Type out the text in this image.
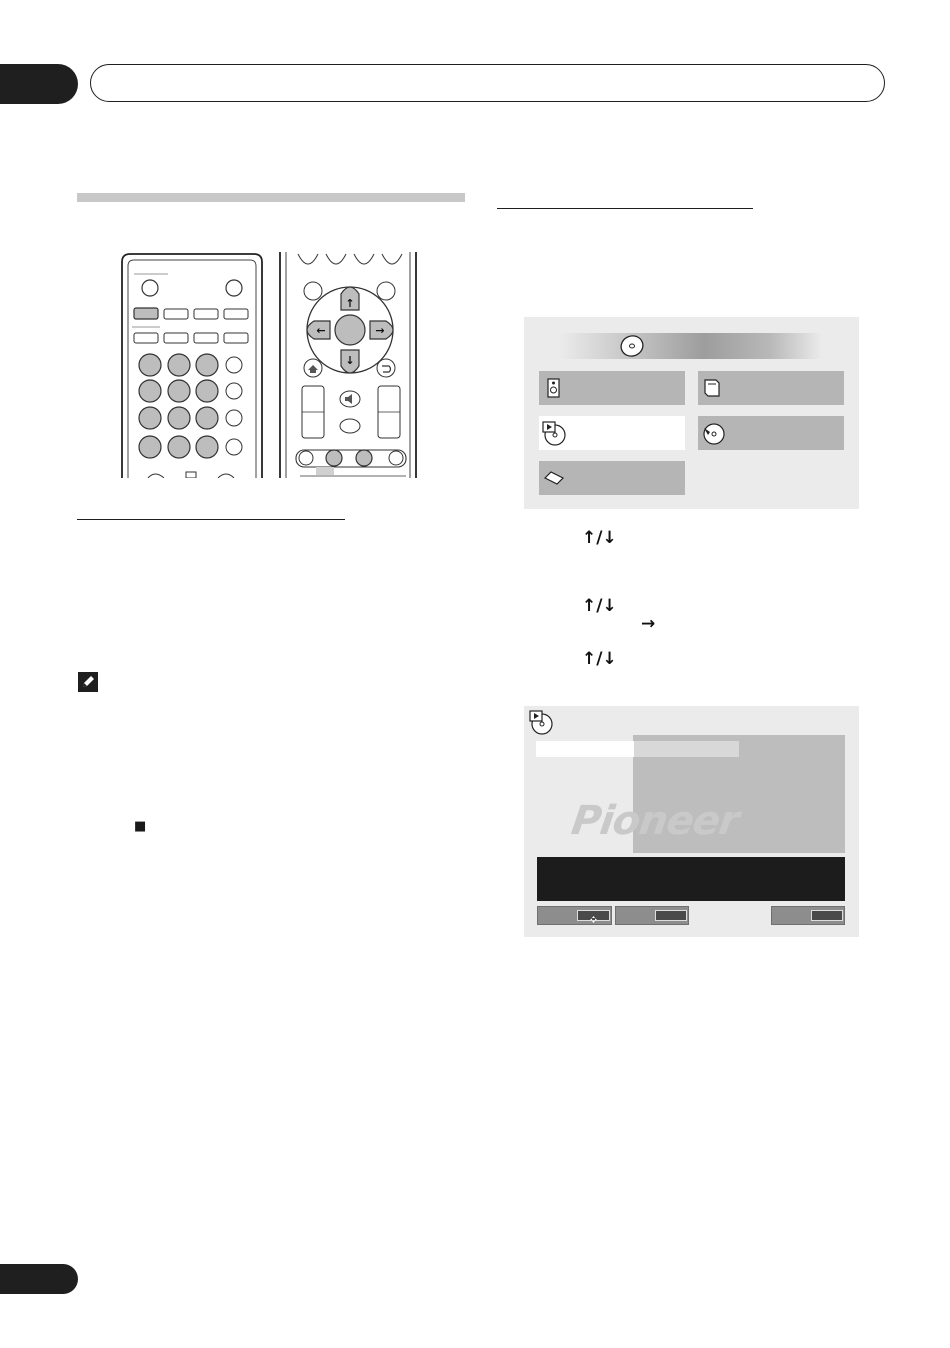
↑
↓
←	→
■
↑/↓
↑/↓
→
↑/↓
Pioneer
